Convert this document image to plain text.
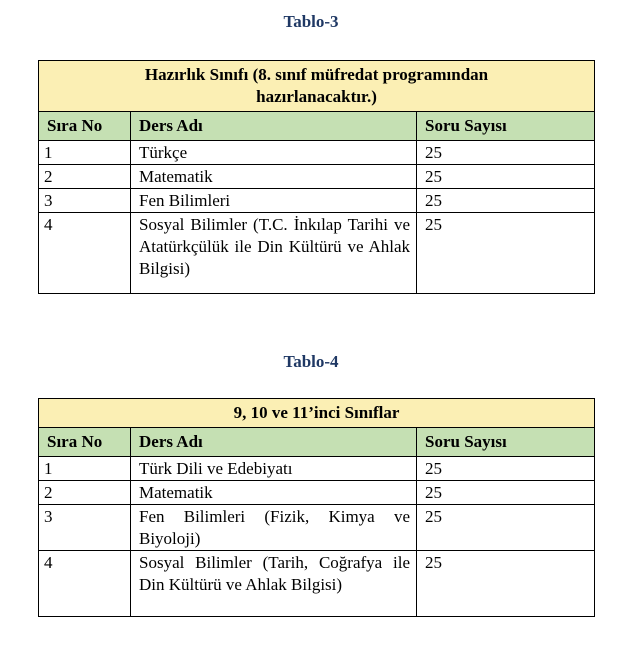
Tablo-3
Hazırlık Sınıfı (8. sınıf müfredat programından hazırlanacaktır.)		
Sıra No	Ders Adı	Soru Sayısı
1	Türkçe	25
2	Matematik	25
3	Fen Bilimleri	25
4	Sosyal Bilimler (T.C. İnkılap Tarihi ve Atatürkçülük ile Din Kültürü ve Ahlak Bilgisi)	25
Tablo-4
9, 10 ve 11’inci Sınıflar		
Sıra No	Ders Adı	Soru Sayısı
1	Türk Dili ve Edebiyatı	25
2	Matematik	25
3	Fen Bilimleri (Fizik, Kimya ve Biyoloji)	25
4	Sosyal Bilimler (Tarih, Coğrafya ile Din Kültürü ve Ahlak Bilgisi)	25
